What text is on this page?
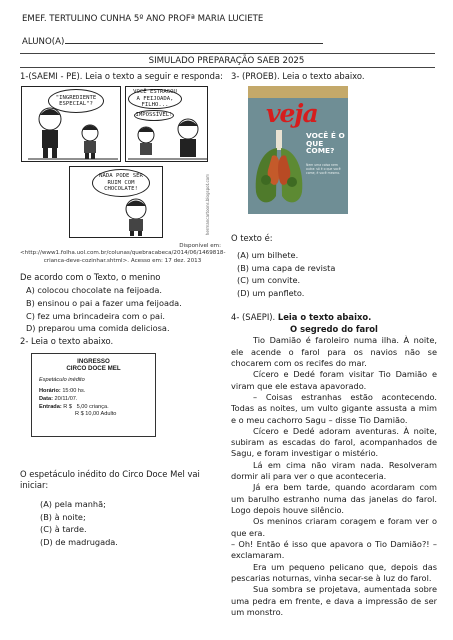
EMEF. TERTULINO CUNHA 5º ANO PROFª MARIA LUCIETE
ALUNO(A)
SIMULADO PREPARAÇÃO SAEB 2025
1-(SAEMI - PE). Leia o texto a seguir e responda:
"INGREDIENTE ESPECIAL"?
VOCÊ ESTRAGOU A FEIJOADA, FILHO...
IMPOSSÍVEL!
NADA PODE SER RUIM COM CHOCOLATE!	hermancartoons.blogspot.com
Disponível em:
<http://www1.folha.uol.com.br/colunas/quebracabeca/2014/06/1469818-
crianca-deve-cozinhar.shtml>. Acesso em: 17 dez. 2013
De acordo com o Texto, o menino
A) colocou chocolate na feijoada.
B) ensinou o pai a fazer uma feijoada.
C) fez uma brincadeira com o pai.
D) preparou uma comida deliciosa.
2- Leia o texto abaixo.
INGRESSO
CIRCO DOCE MEL
Espetáculo inédito
Horário: 15:00 hs.
Data: 20/11/07.
Entrada: R $   5,00 criança.
R $ 10,00 Adulto
O espetáculo inédito do Circo Doce Mel vai iniciar:
(A) pela manhã;
(B) à noite;
(C) à tarde.
(D) de madrugada.
3- (PROEB). Leia o texto abaixo.
veja
VOCÊ É O QUE COME?
Nem uma coisa nem outra: só é o que você come, é você mesmo.
O texto é:
(A) um bilhete.
(B) uma capa de revista
(C) um convite.
(D) um panfleto.
4- (SAEPI). Leia o texto abaixo.
O segredo do farol

Tio Damião é faroleiro numa ilha. À noite, ele acende o farol para os navios não se chocarem com os recifes do mar.

Cícero e Dedé foram visitar Tio Damião e viram que ele estava apavorado.

– Coisas estranhas estão acontecendo. Todas as noites, um vulto gigante assusta a mim e o meu cachorro Sagu – disse Tio Damião.

Cícero e Dedé adoram aventuras. À noite, subiram as escadas do farol, acompanhados de Sagu, e foram investigar o mistério.

Lá em cima não viram nada. Resolveram dormir ali para ver o que aconteceria.

Já era bem tarde, quando acordaram com um barulho estranho numa das janelas do farol. Logo depois houve silêncio.

Os meninos criaram coragem e foram ver o que era.

– Oh! Então é isso que apavora o Tio Damião?! – exclamaram.

Era um pequeno pelicano que, depois das pescarias noturnas, vinha secar-se à luz do farol.

Sua sombra se projetava, aumentada sobre uma pedra em frente, e dava a impressão de ser um monstro.
